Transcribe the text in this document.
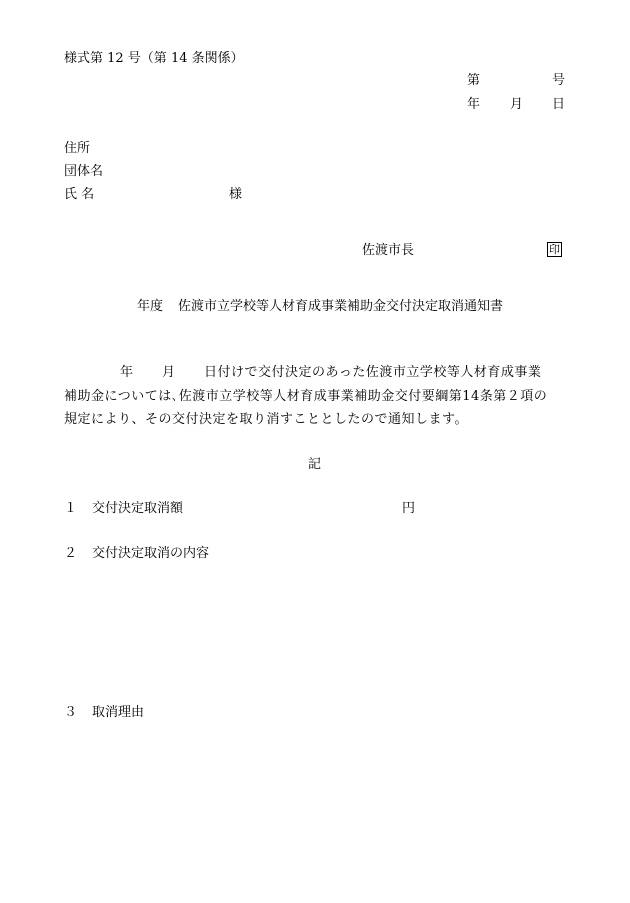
様式第 12 号（第 14 条関係）
第	号
年 月 日
住所
団体名
氏 名	様
佐渡市長	印
年度 佐渡市立学校等人材育成事業補助金交付決定取消通知書
年 月 日付けで交付決定のあった佐渡市立学校等人材育成事業
補助金については､佐渡市立学校等人材育成事業補助金交付要綱第14条第２項の
規定により、その交付決定を取り消すこととしたので通知します。
記
１ 交付決定取消額	円
２ 交付決定取消の内容
３ 取消理由
